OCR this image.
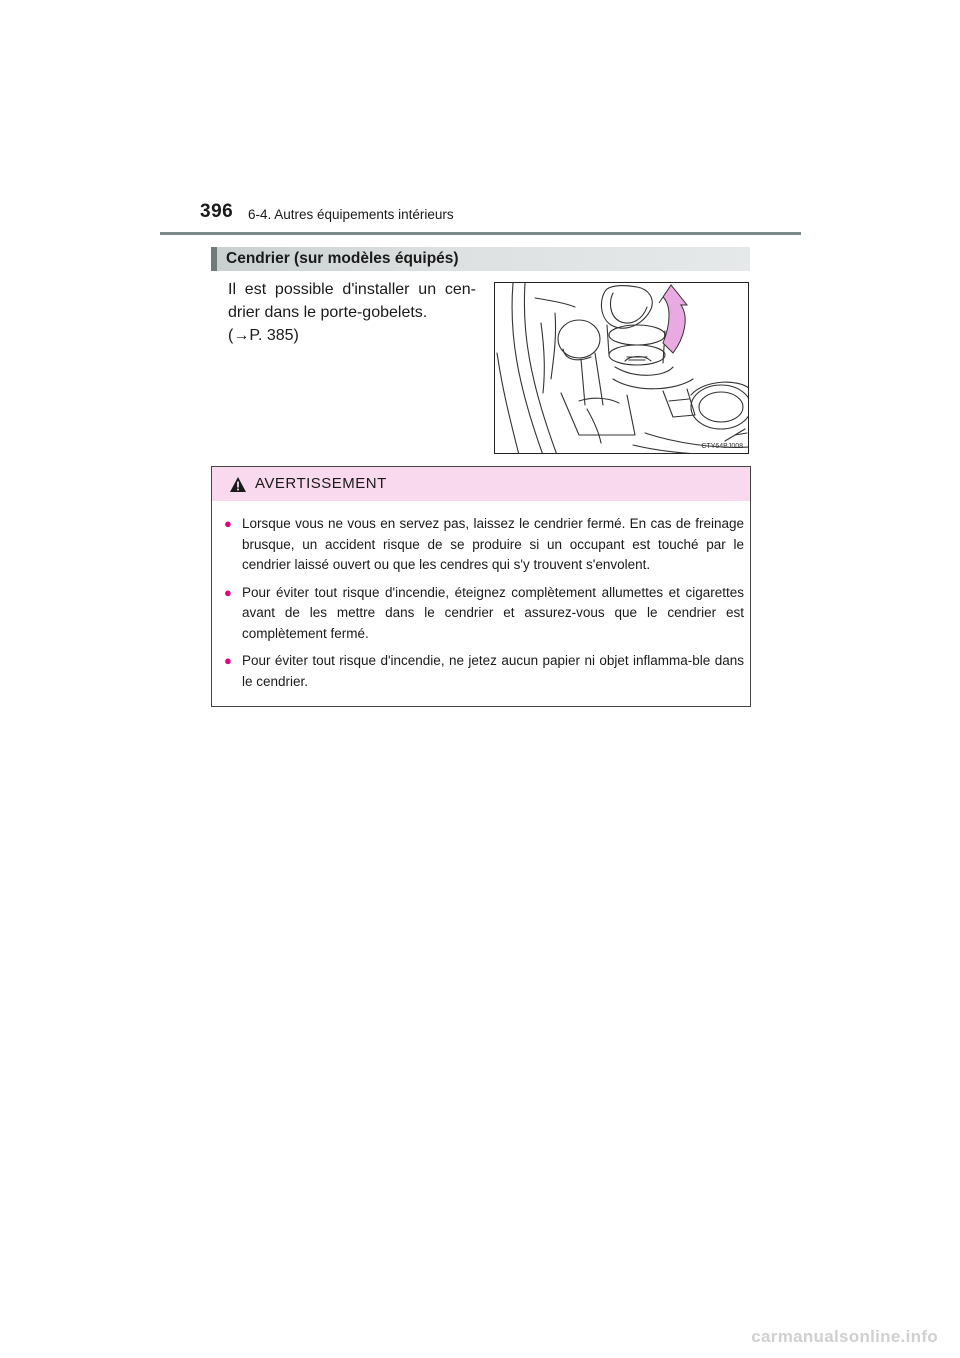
396 6-4. Autres équipements intérieurs
Cendrier (sur modèles équipés)

Il est possible d'installer un cen-

drier dans le porte-gobelets.

(→P. 385)

CTY64BJ008
AVERTISSEMENT
● Lorsque vous ne vous en servez pas, laissez le cendrier fermé. En cas de freinage brusque, un accident risque de se produire si un occupant est touché par le cendrier laissé ouvert ou que les cendres qui s'y trouvent s'envolent.
● Pour éviter tout risque d'incendie, éteignez complètement allumettes et cigarettes avant de les mettre dans le cendrier et assurez-vous que le cendrier est complètement fermé.
● Pour éviter tout risque d'incendie, ne jetez aucun papier ni objet inflamma-ble dans le cendrier.
carmanualsonline.info
